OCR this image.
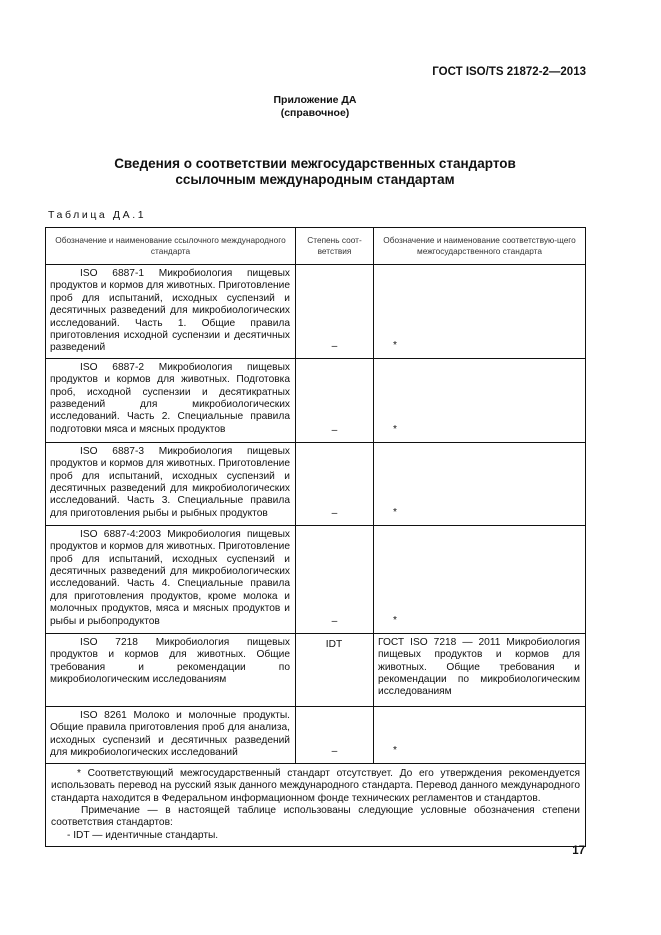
ГОСТ ISO/TS 21872-2—2013
Приложение ДА
(справочное)
Сведения о соответствии межгосударственных стандартов
ссылочным международным стандартам
Таблица ДА.1
Обозначение и наименование ссылочного международного стандарта	Степень соот-ветствия	Обозначение и наименование соответствую-щего межгосударственного стандарта
ISO 6887-1 Микробиология пищевых продуктов и кормов для животных. Приготовление проб для испытаний, исходных суспензий и десятичных разведений для микробиологических исследований. Часть 1. Общие правила приготовления исходной суспензии и десятичных разведений	–	*

ISO 6887-2 Микробиология пищевых продуктов и кормов для животных. Подготовка проб, исходной суспензии и десятикратных разведений для микробиологических исследований. Часть 2. Специальные правила подготовки мяса и мясных продуктов	–	*

ISO 6887-3 Микробиология пищевых продуктов и кормов для животных. Приготовление проб для испытаний, исходных суспензий и десятичных разведений для микробиологических исследований. Часть 3. Специальные правила для приготовления рыбы и рыбных продуктов	–	*

ISO 6887-4:2003 Микробиология пищевых продуктов и кормов для животных. Приготовление проб для испытаний, исходных суспензий и десятичных разведений для микробиологических исследований. Часть 4. Специальные правила для приготовления продуктов, кроме молока и молочных продуктов, мяса и мясных продуктов и рыбы и рыбопродуктов	–	*

ISO 7218 Микробиология пищевых продуктов и кормов для животных. Общие требования и рекомендации по микробиологическим исследованиям	IDT	ГОСТ ISO 7218 — 2011 Микробиология пищевых продуктов и кормов для животных. Общие требования и рекомендации по микробиологическим исследованиям
ISO 8261 Молоко и молочные продукты. Общие правила приготовления проб для анализа, исходных суспензий и десятичных разведений для микробиологических исследований	–	*

* Соответствующий межгосударственный стандарт отсутствует. До его утверждения рекомендуется использовать перевод на русский язык данного международного стандарта. Перевод данного международного стандарта находится в Федеральном информационном фонде технических регламентов и стандартов.

Примечание — в настоящей таблице использованы следующие условные обозначения степени соответствия стандартов:

- IDT — идентичные стандарты.		

17
